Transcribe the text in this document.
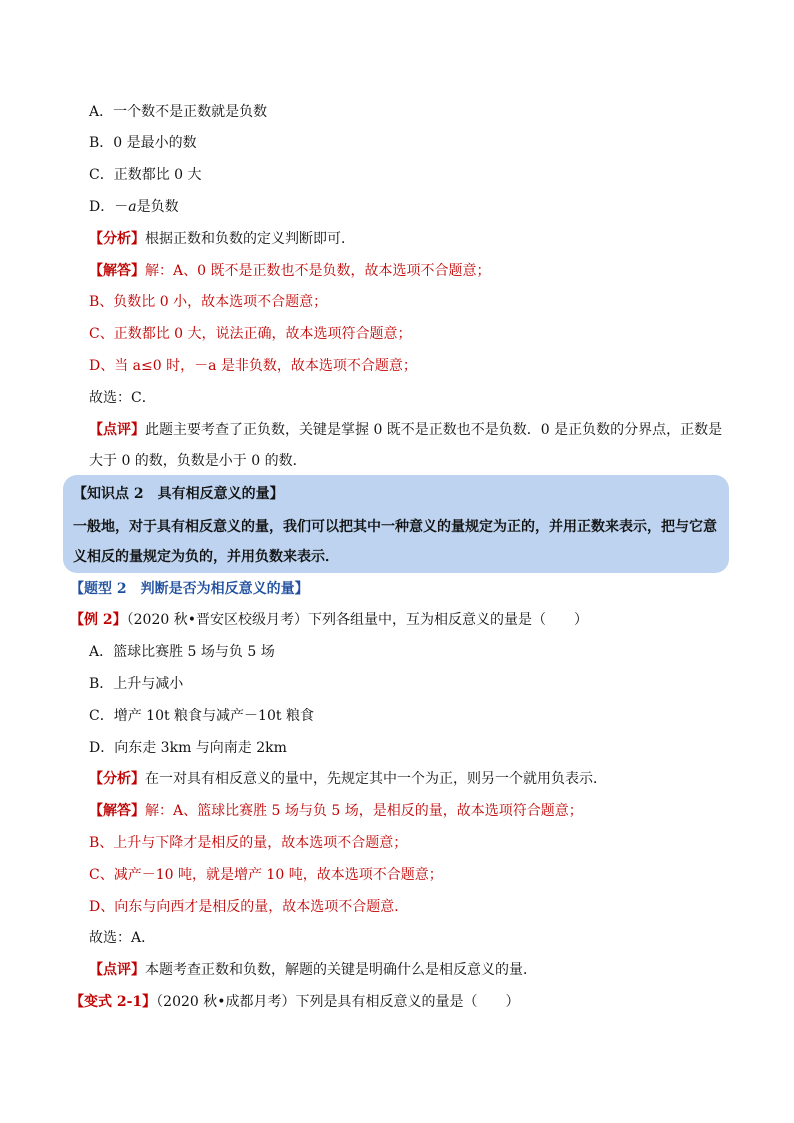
A．一个数不是正数就是负数
B．0 是最小的数
C．正数都比 0 大
D．－a是负数
【分析】根据正数和负数的定义判断即可．
【解答】解：A、0 既不是正数也不是负数，故本选项不合题意；
B、负数比 0 小，故本选项不合题意；
C、正数都比 0 大，说法正确，故本选项符合题意；
D、当 a≤0 时，－a 是非负数，故本选项不合题意；
故选：C．
【点评】此题主要考查了正负数，关键是掌握 0 既不是正数也不是负数．0 是正负数的分界点，正数是
大于 0 的数，负数是小于 0 的数．
【知识点 2　具有相反意义的量】
一般地，对于具有相反意义的量，我们可以把其中一种意义的量规定为正的，并用正数来表示，把与它意义相反的量规定为负的，并用负数来表示．
【题型 2　判断是否为相反意义的量】
【例 2】（2020 秋•晋安区校级月考）下列各组量中，互为相反意义的量是（　　）
A．篮球比赛胜 5 场与负 5 场
B．上升与减小
C．增产 10t 粮食与减产－10t 粮食
D．向东走 3km 与向南走 2km
【分析】在一对具有相反意义的量中，先规定其中一个为正，则另一个就用负表示．
【解答】解：A、篮球比赛胜 5 场与负 5 场，是相反的量，故本选项符合题意；
B、上升与下降才是相反的量，故本选项不合题意；
C、减产－10 吨，就是增产 10 吨，故本选项不合题意；
D、向东与向西才是相反的量，故本选项不合题意．
故选：A．
【点评】本题考查正数和负数，解题的关键是明确什么是相反意义的量．
【变式 2-1】（2020 秋•成都月考）下列是具有相反意义的量是（　　）
